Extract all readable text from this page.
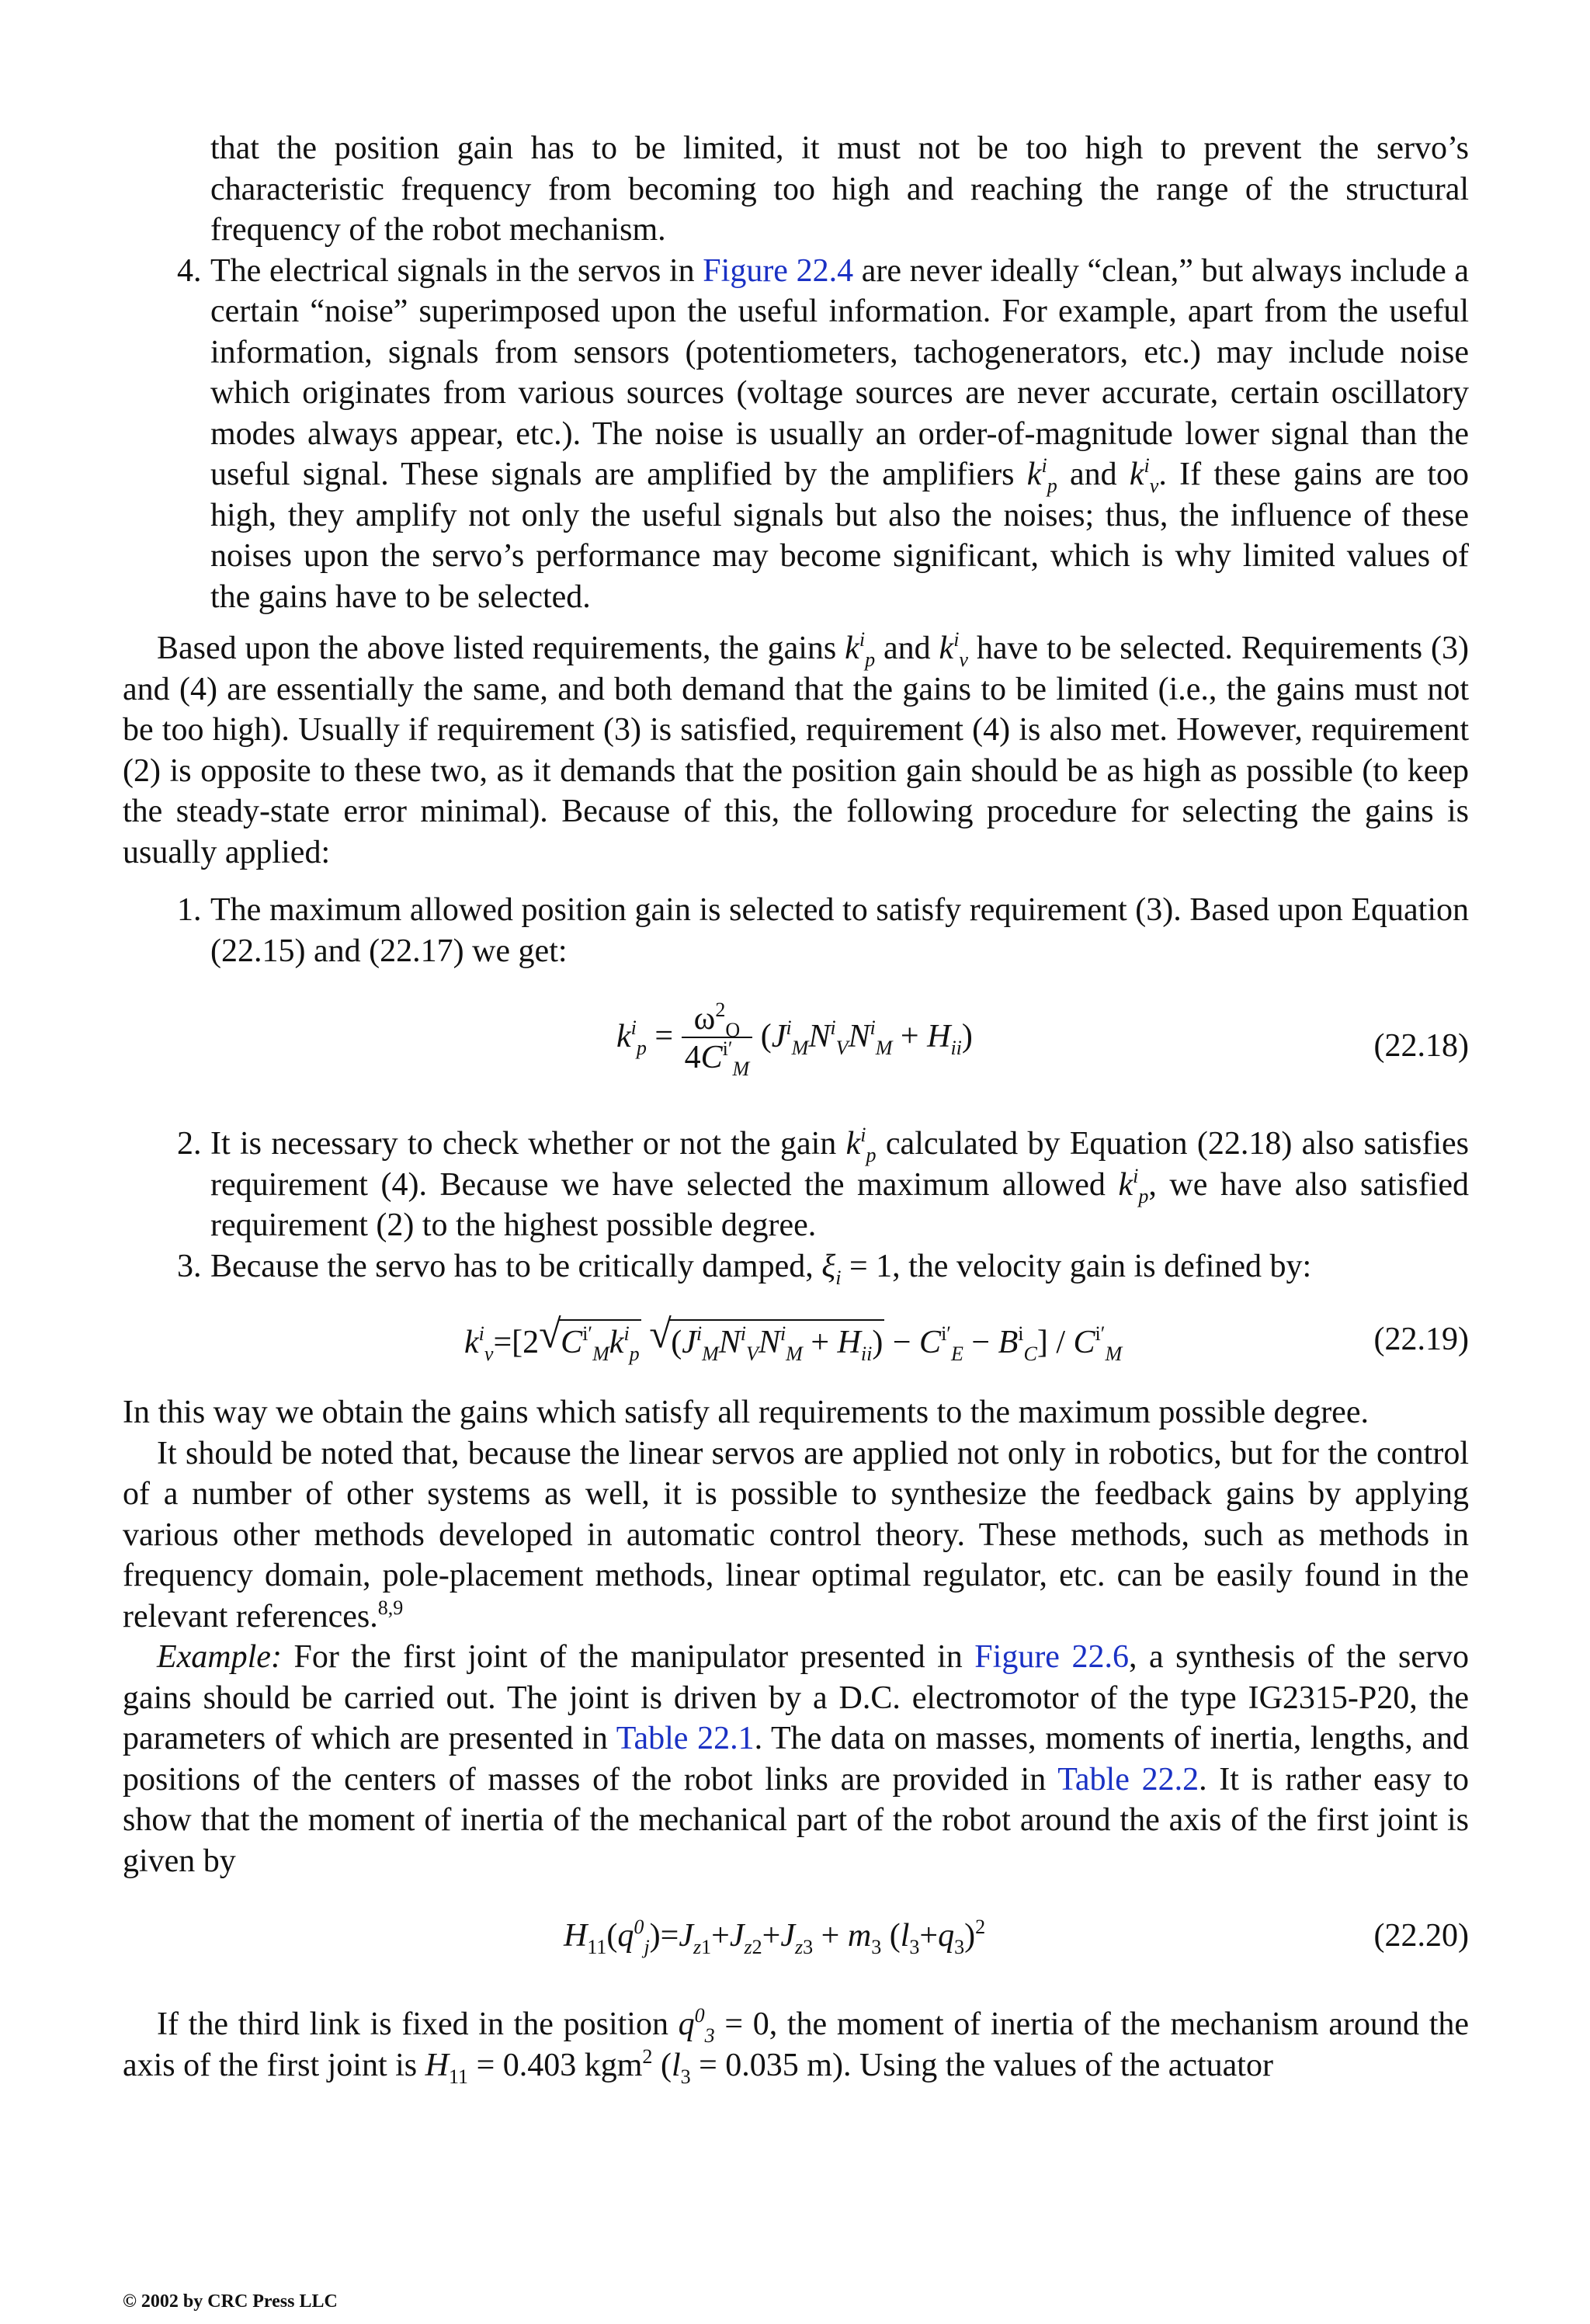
that the position gain has to be limited, it must not be too high to prevent the servo’s characteristic frequency from becoming too high and reaching the range of the structural frequency of the robot mechanism.

4. The electrical signals in the servos in Figure 22.4 are never ideally “clean,” but always include a certain “noise” superimposed upon the useful information. For example, apart from the useful information, signals from sensors (potentiometers, tachogenerators, etc.) may include noise which originates from various sources (voltage sources are never accurate, certain oscillatory modes always appear, etc.). The noise is usually an order-of-magnitude lower signal than the useful signal. These signals are amplified by the amplifiers $k^i_p$ and $k^i_v$. If these gains are too high, they amplify not only the useful signals but also the noises; thus, the influence of these noises upon the servo’s performance may become significant, which is why limited values of the gains have to be selected.

Based upon the above listed requirements, the gains $k^i_p$ and $k^i_v$ have to be selected. Requirements (3) and (4) are essentially the same, and both demand that the gains to be limited (i.e., the gains must not be too high). Usually if requirement (3) is satisfied, requirement (4) is also met. However, requirement (2) is opposite to these two, as it demands that the position gain should be as high as possible (to keep the steady-state error minimal). Because of this, the following procedure for selecting the gains is usually applied:

1. The maximum allowed position gain is selected to satisfy requirement (3). Based upon Equation (22.15) and (22.17) we get:

$k^i_p = \frac{\omega^2_O}{4C^{i'}_M} (J^i_MN^i_VN^i_M + H_{ii})$	(22.18)
2. It is necessary to check whether or not the gain $k^i_p$ calculated by Equation (22.18) also satisfies requirement (4). Because we have selected the maximum allowed $k^i_p$, we have also satisfied requirement (2) to the highest possible degree.

3. Because the servo has to be critically damped, $\xi_i = 1$, the velocity gain is defined by:

$k^i_v=[2√$ $C^{i'}_Mk^i_p$ √ $(J^i_MN^i_VN^i_M + H_{ii}) - C^{i'}_E - B^i_C] / C^{i'}_M$	(22.19)

In this way we obtain the gains which satisfy all requirements to the maximum possible degree.

It should be noted that, because the linear servos are applied not only in robotics, but for the control of a number of other systems as well, it is possible to synthesize the feedback gains by applying various other methods developed in automatic control theory. These methods, such as methods in frequency domain, pole-placement methods, linear optimal regulator, etc. can be easily found in the relevant references.$^{8,9}$

Example: For the first joint of the manipulator presented in Figure 22.6, a synthesis of the servo gains should be carried out. The joint is driven by a D.C. electromotor of the type IG2315-P20, the parameters of which are presented in Table 22.1. The data on masses, moments of inertia, lengths, and positions of the centers of masses of the robot links are provided in Table 22.2. It is rather easy to show that the moment of inertia of the mechanical part of the robot around the axis of the first joint is given by

$H_{11}(q^0_j)=J_{z1}+J_{z2}+J_{z3} + m_3$ $(l_3+q_3)^2$	(22.20)

If the third link is fixed in the position $q^0_3 = 0$, the moment of inertia of the mechanism around the axis of the first joint is $H_{11} = 0.403$ kgm$^2$ ($l_3 = 0.035$ m). Using the values of the actuator

© 2002 by CRC Press LLC
